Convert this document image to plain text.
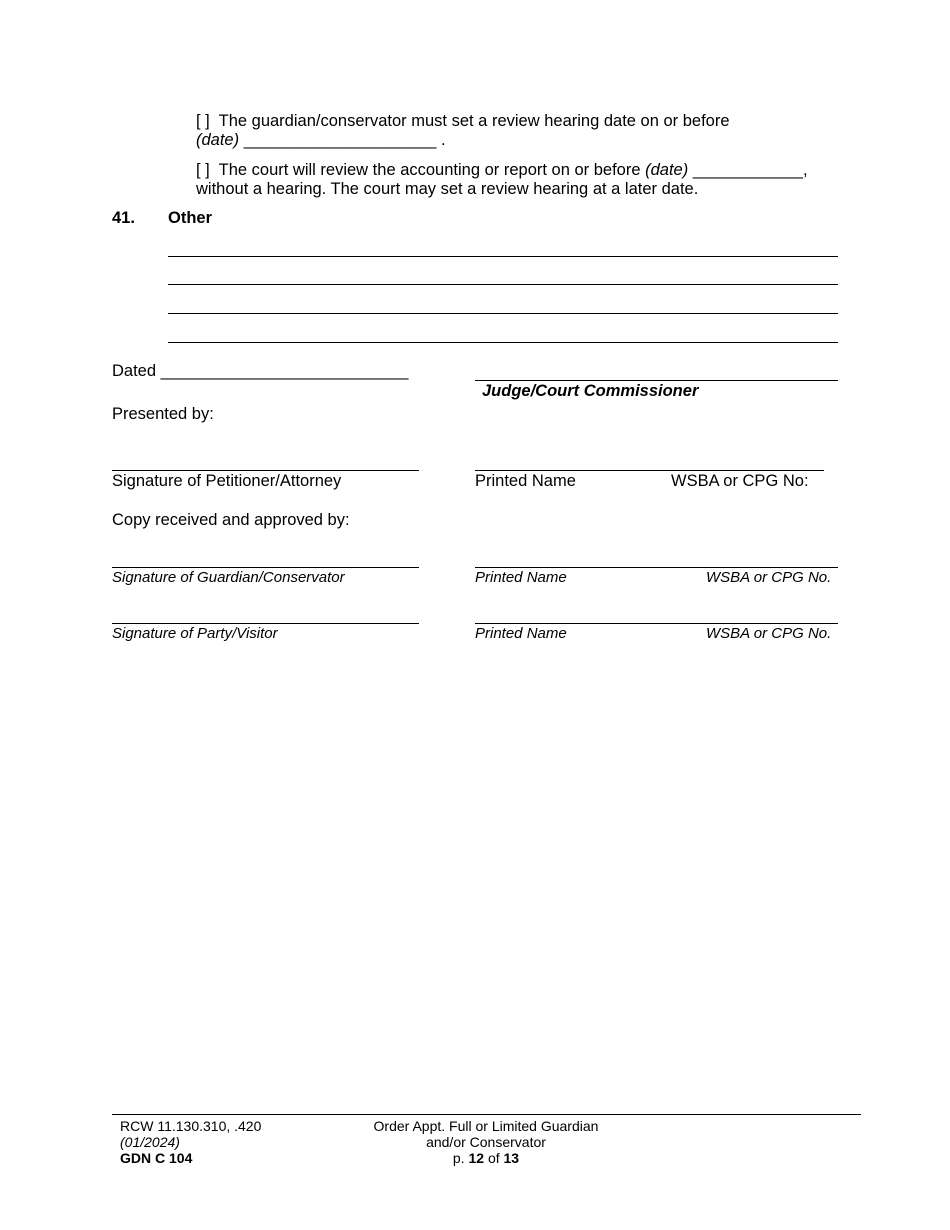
[ ] The guardian/conservator must set a review hearing date on or before
(date) _____________________ .
[ ] The court will review the accounting or report on or before (date) ____________,
without a hearing. The court may set a review hearing at a later date.
41. Other
Dated ___________________________
Judge/Court Commissioner
Presented by:
Signature of Petitioner/Attorney	Printed Name	WSBA or CPG No:
Copy received and approved by:
Signature of Guardian/Conservator	Printed Name	WSBA or CPG No.
Signature of Party/Visitor	Printed Name	WSBA or CPG No.
RCW 11.130.310, .420
(01/2024)
GDN C 104
Order Appt. Full or Limited Guardian
and/or Conservator
p. 12 of 13
